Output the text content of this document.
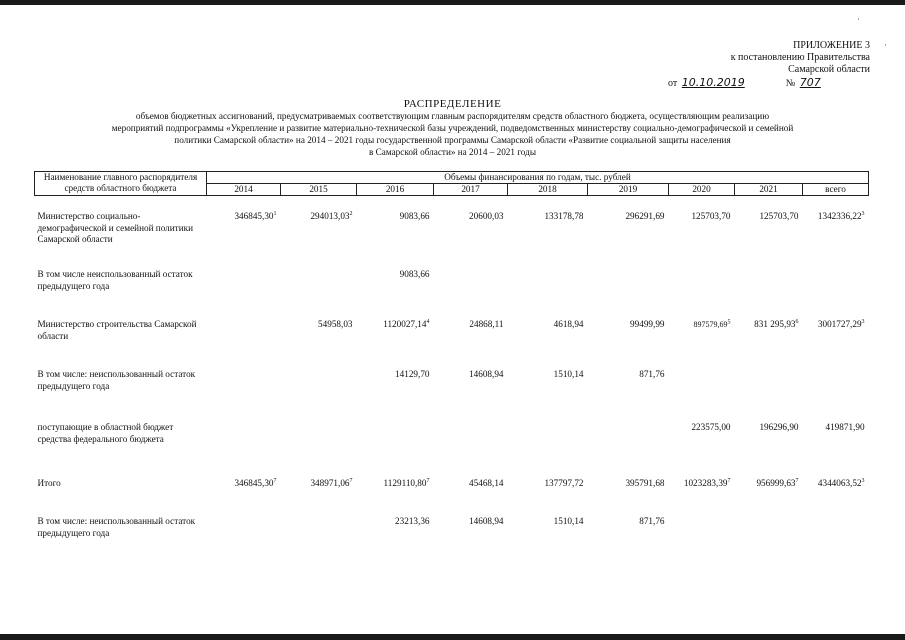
·
·
ПРИЛОЖЕНИЕ 3
к постановлению Правительства
Самарской области
от 10.10.2019	№ 707
РАСПРЕДЕЛЕНИЕ
объемов бюджетных ассигнований, предусматриваемых соответствующим главным распорядителям средств областного бюджета, осуществляющим реализацию
мероприятий подпрограммы «Укрепление и развитие материально-технической базы учреждений, подведомственных министерству социально-демографической и семейной
политики Самарской области» на 2014 – 2021 годы государственной программы Самарской области «Развитие социальной защиты населения
в Самарской области» на 2014 – 2021 годы
Наименование главного распорядителя средств областного бюджета	Объемы финансирования по годам, тыс. рублей								
	2014	2015	2016	2017	2018	2019	2020	2021	всего
Министерство социально-демографической и семейной политики Самарской области	346845,30$^1$	294013,03$^2$	9083,66	20600,03	133178,78	296291,69	125703,70	125703,70	1342336,22$^3$
В том числе неиспользованный остаток предыдущего года			9083,66						
Министерство строительства Самарской области		54958,03	1120027,14$^4$	24868,11	4618,94	99499,99	897579,69$^5$	831 295,93$^6$	3001727,29$^3$
В том числе: неиспользованный остаток предыдущего года			14129,70	14608,94	1510,14	871,76			
поступающие в областной бюджет средства федерального бюджета							223575,00	196296,90	419871,90
Итого	346845,30$^7$	348971,06$^7$	1129110,80$^7$	45468,14	137797,72	395791,68	1023283,39$^7$	956999,63$^7$	4344063,52$^3$
В том числе: неиспользованный остаток предыдущего года			23213,36	14608,94	1510,14	871,76			
